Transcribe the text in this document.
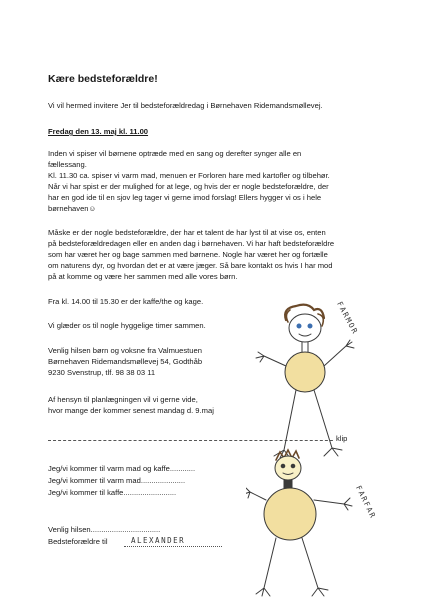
Kære bedsteforældre!
Vi vil hermed invitere Jer til bedsteforældredag i Børnehaven Ridemandsmøllevej.
Fredag den 13. maj kl. 11.00
Inden vi spiser vil børnene optræde med en sang og derefter synger alle en
fællessang.
Kl. 11.30 ca. spiser vi varm mad, menuen er Forloren hare med kartofler og tilbehør.
Når vi har spist er der mulighed for at lege, og hvis der er nogle bedsteforældre, der
har en god ide til en sjov leg tager vi gerne imod forslag! Ellers hygger vi os i hele
børnehaven☺
Måske er der nogle bedsteforældre, der har et talent de har lyst til at vise os, enten
på bedsteforældredagen eller en anden dag i børnehaven. Vi har haft bedsteforældre
som har været her og bage sammen med børnene. Nogle har været her og fortælle
om naturens dyr, og hvordan det er at være jæger. Så bare kontakt os hvis I har mod
på at komme og være her sammen med alle vores børn.
Fra kl. 14.00 til 15.30 er der kaffe/the og kage.
Vi glæder os til nogle hyggelige timer sammen.
Venlig hilsen børn og voksne fra Valmuestuen
Børnehaven Ridemandsmøllevej 54, Godthåb
9230 Svenstrup, tlf. 98 38 03 11
Af hensyn til planlægningen vil vi gerne vide,
hvor mange der kommer senest mandag d. 9.maj
klip
Jeg/vi kommer til varm mad og kaffe............
Jeg/vi kommer til varm mad.....................
Jeg/vi kommer til kaffe.........................
Venlig hilsen.................................
Bedsteforældre til	ALEXANDER
FARMOR
FARFAR
